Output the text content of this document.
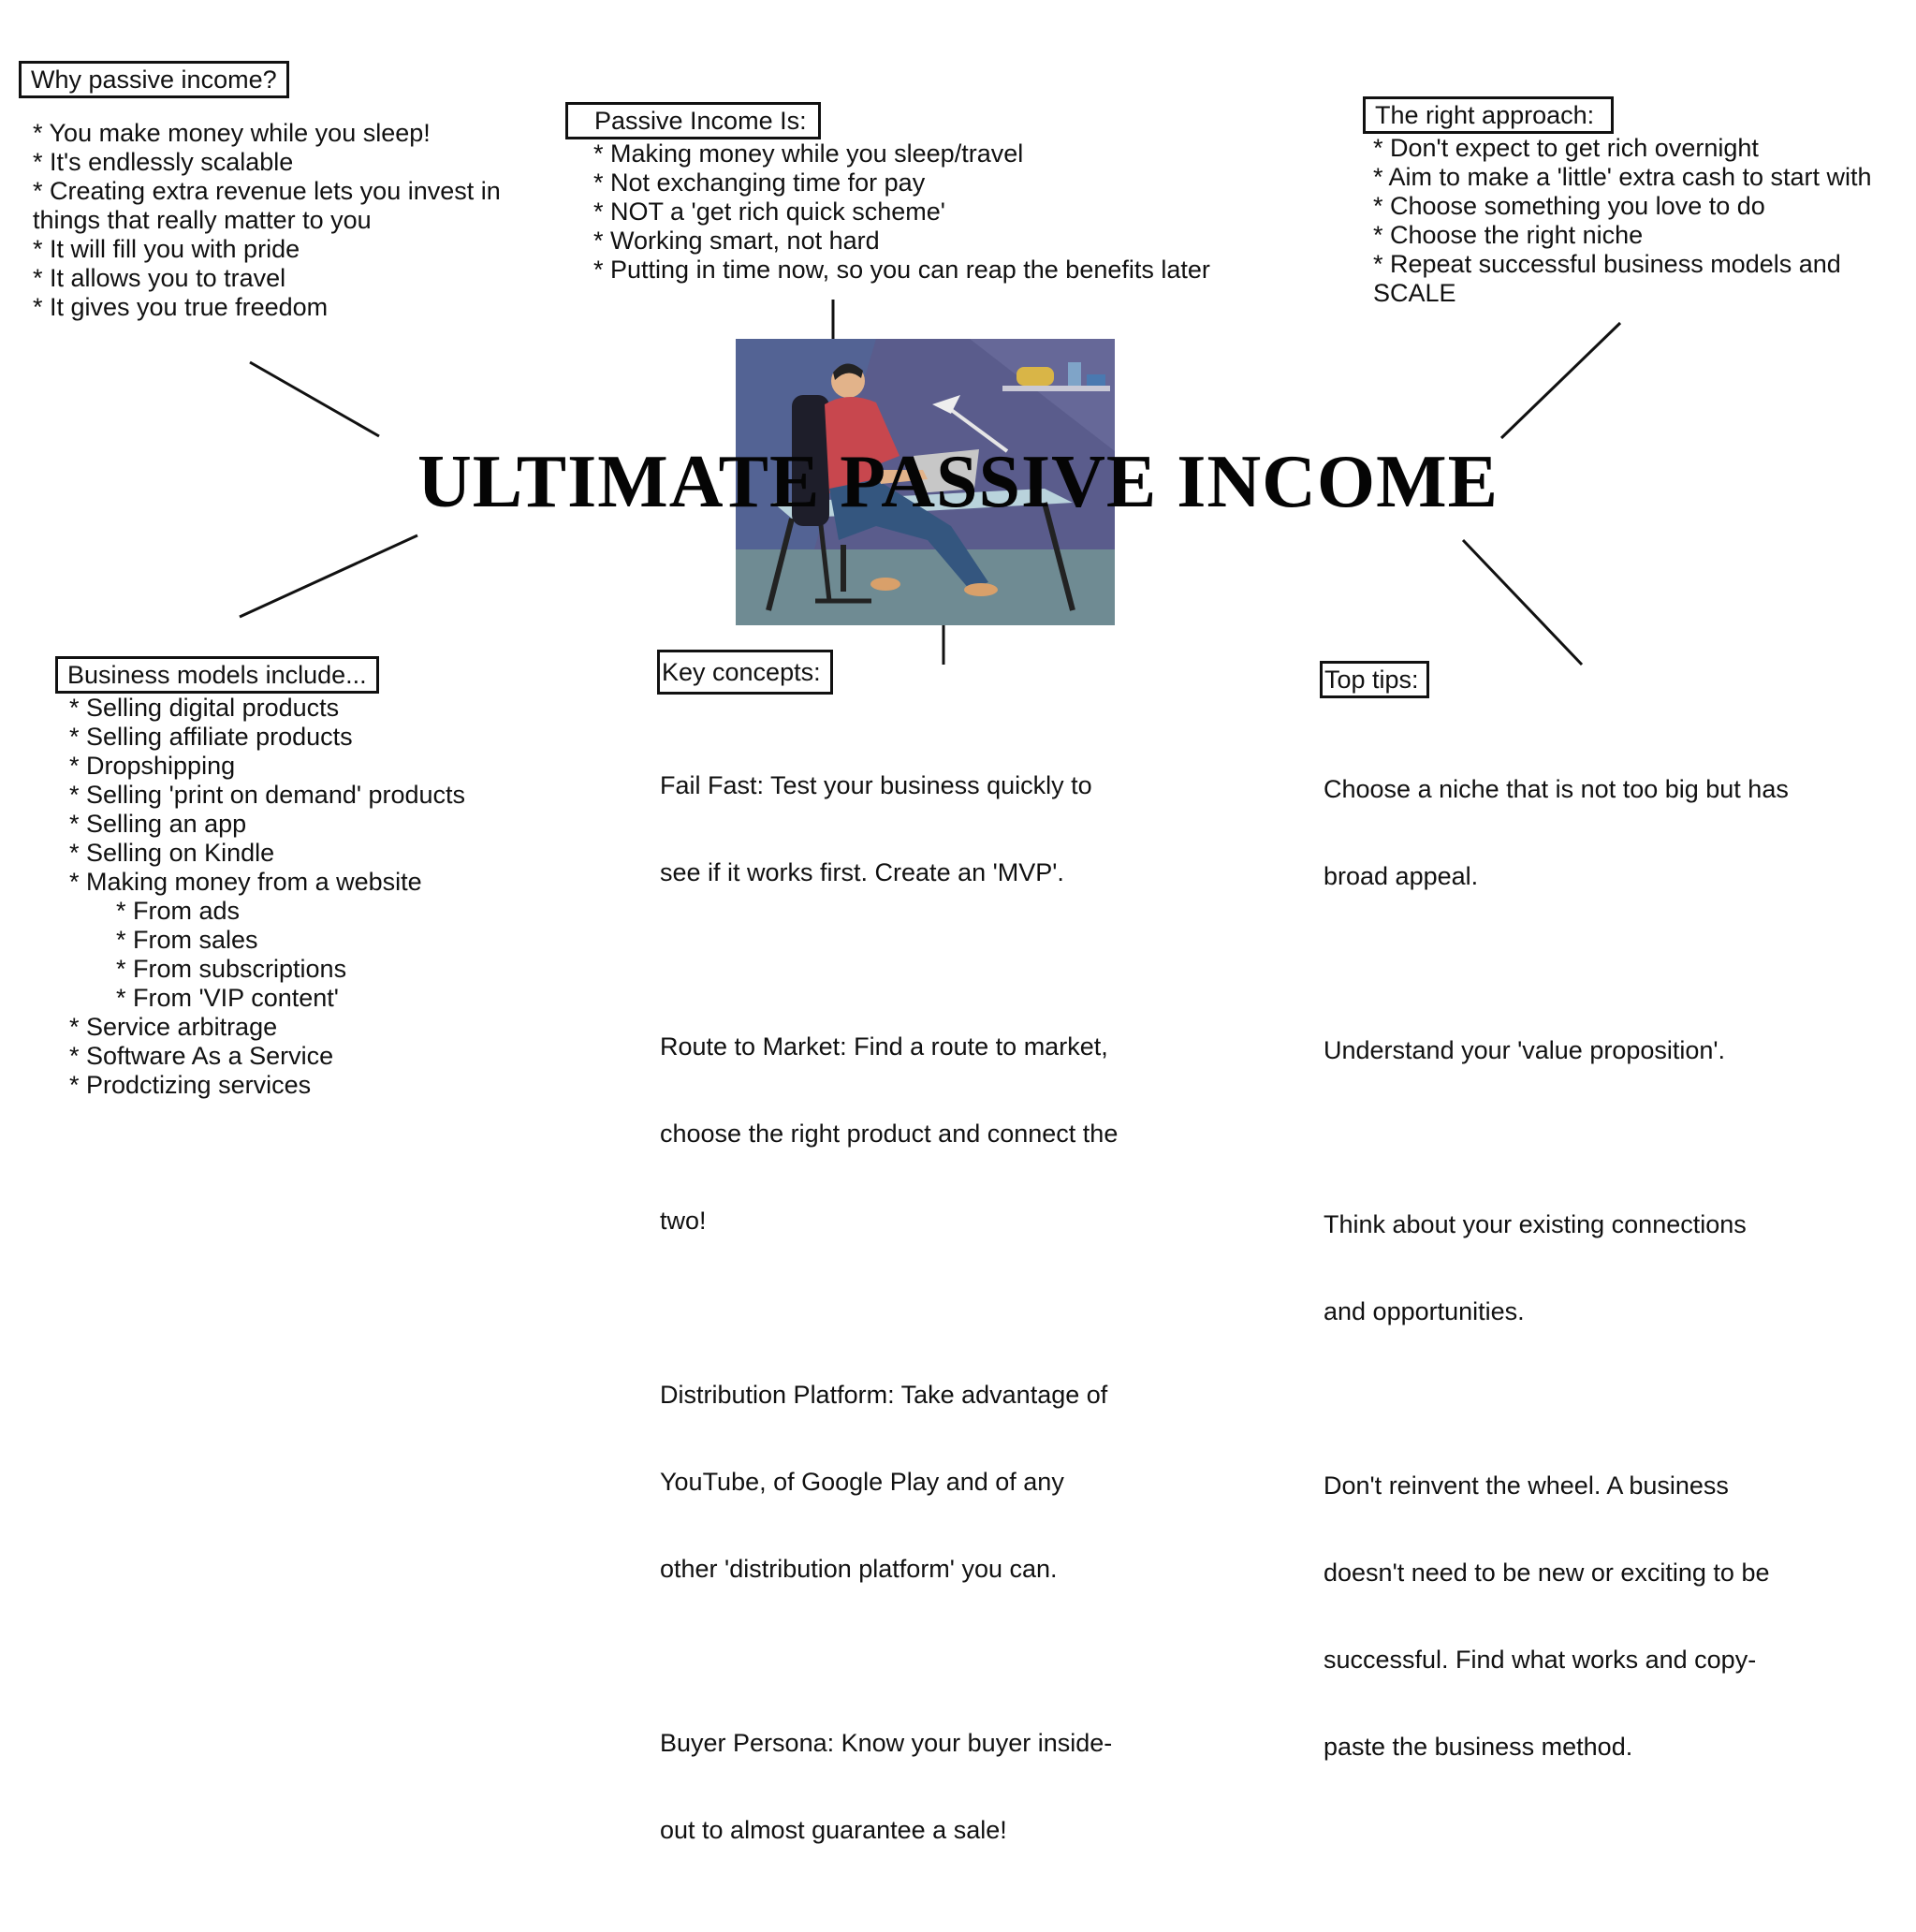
ULTIMATE PASSIVE INCOME
Why passive income?
* You make money while you sleep!
* It's endlessly scalable
* Creating extra revenue lets you invest in
things that really matter to you
* It will fill you with pride
* It allows you to travel
* It gives you true freedom
Passive Income Is:
* Making money while you sleep/travel
* Not exchanging time for pay
* NOT a 'get rich quick scheme'
* Working smart, not hard
* Putting in time now, so you can reap the benefits later
The right approach:
* Don't expect to get rich overnight
* Aim to make a 'little' extra cash to start with
* Choose something you love to do
* Choose the right niche
* Repeat successful business models and
SCALE
Business models include...
* Selling digital products
* Selling affiliate products
* Dropshipping
* Selling 'print on demand' products
* Selling an app
* Selling on Kindle
* Making money from a website
* From ads
* From sales
* From subscriptions
* From 'VIP content'
* Service arbitrage
* Software As a Service
* Prodctizing services
Key concepts:

Fail Fast: Test your business quickly to

see if it works first. Create an 'MVP'.

Route to Market: Find a route to market,

choose the right product and connect the

two!

Distribution Platform: Take advantage of

YouTube, of Google Play and of any

other 'distribution platform' you can.

Buyer Persona: Know your buyer inside-

out to almost guarantee a sale!

Top tips:

Choose a niche that is not too big but has

broad appeal.

Understand your 'value proposition'.

Think about your existing connections

and opportunities.

Don't reinvent the wheel. A business

doesn't need to be new or exciting to be

successful. Find what works and copy-

paste the business method.
